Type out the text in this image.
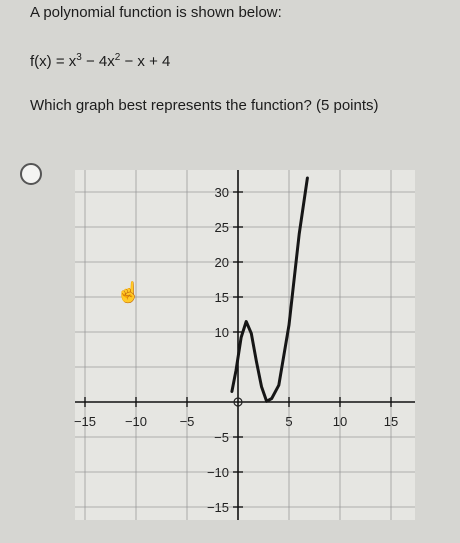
A polynomial function is shown below:
$f(x) = x^3 - 4x^2 - x + 4$
Which graph best represents the function? (5 points)
−15 −10	−5	5	10	15
−15
−10
−5
10
15
20
25
30
☝
